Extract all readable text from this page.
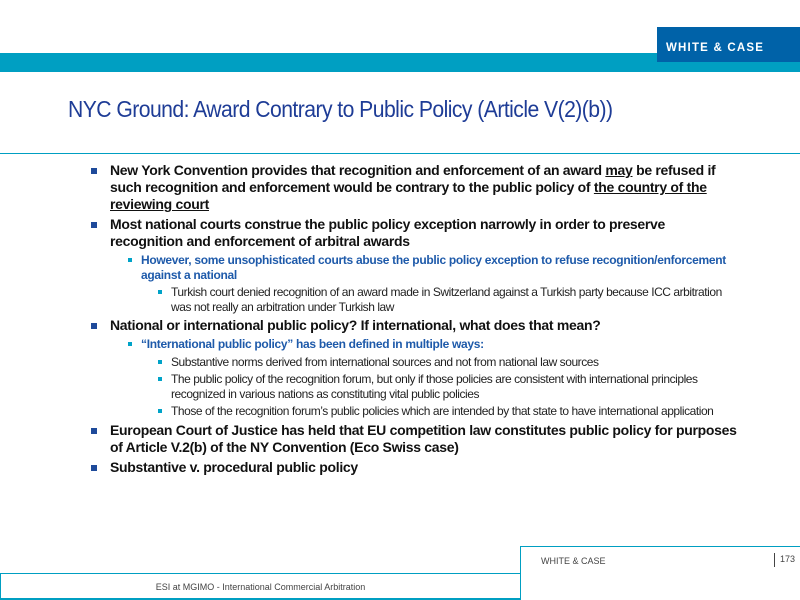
WHITE & CASE
NYC Ground: Award Contrary to Public Policy (Article V(2)(b))
New York Convention provides that recognition and enforcement of an award may be refused if such recognition and enforcement would be contrary to the public policy of the country of the reviewing court
Most national courts construe the public policy exception narrowly in order to preserve recognition and enforcement of arbitral awards
However, some unsophisticated courts abuse the public policy exception to refuse recognition/enforcement against a national
Turkish court denied recognition of an award made in Switzerland against a Turkish party because ICC arbitration was not really an arbitration under Turkish law
National or international public policy? If international, what does that mean?
“International public policy” has been defined in multiple ways:
Substantive norms derived from international sources and not from national law sources
The public policy of the recognition forum, but only if those policies are consistent with international principles recognized in various nations as constituting vital public policies
Those of the recognition forum’s public policies which are intended by that state to have international application
European Court of Justice has held that EU competition law constitutes public policy for purposes of Article V.2(b) of the NY Convention (Eco Swiss case)
Substantive v. procedural public policy
WHITE & CASE	173
ESI at MGIMO - International Commercial Arbitration
